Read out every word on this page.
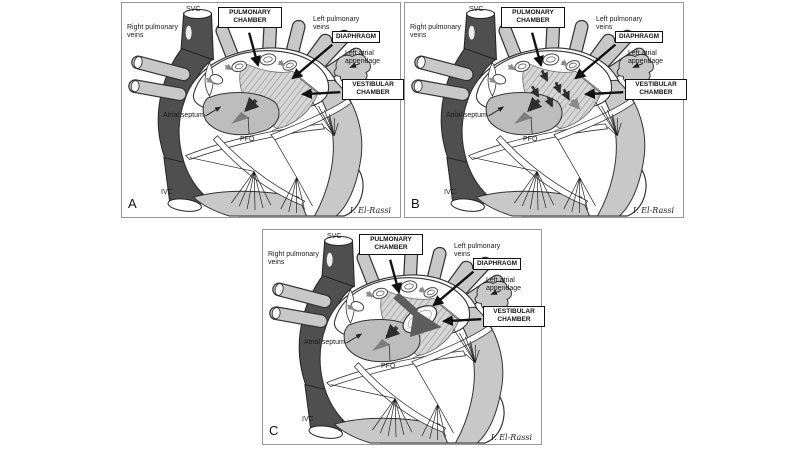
SVC
Right pulmonary veins
PULMONARY CHAMBER	Left pulmonary veins
DIAPHRAGM
Left atrial appendage
VESTIBULAR CHAMBER
Atrial septum
PFO
IVC
A	I. El-Rassi
SVC
Right pulmonary veins
PULMONARY CHAMBER	Left pulmonary veins
DIAPHRAGM
Left atrial appendage
VESTIBULAR CHAMBER
Atrial septum
PFO
IVC
B	I. El-Rassi
SVC
Right pulmonary veins
PULMONARY CHAMBER	Left pulmonary veins
DIAPHRAGM
Left atrial appendage
VESTIBULAR CHAMBER
Atrial septum
PFO
IVC
C	I. El-Rassi
